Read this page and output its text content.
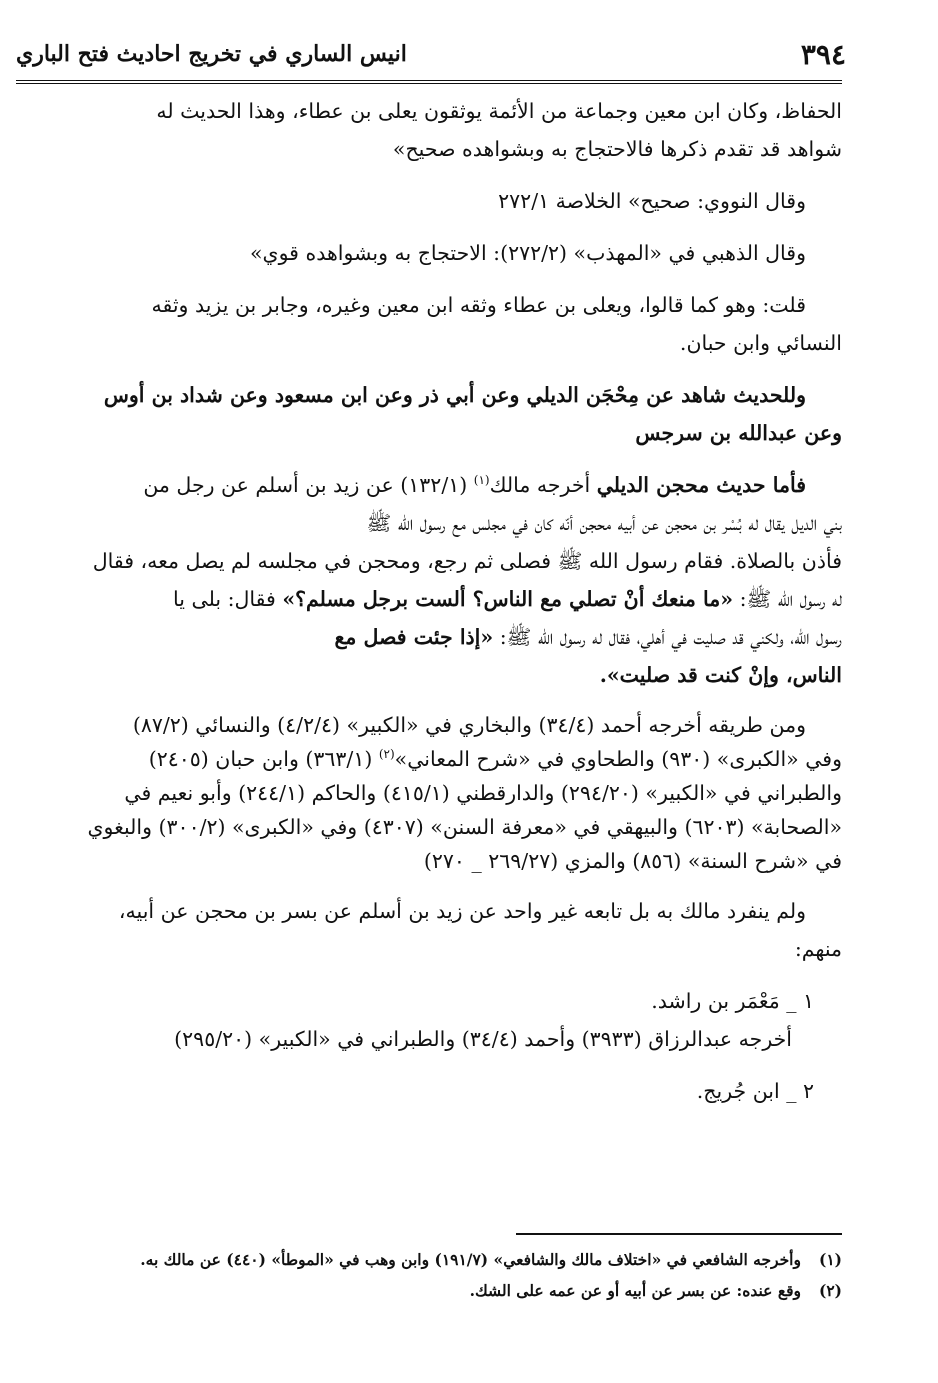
٣٩٤
انيس الساري في تخريج احاديث فتح الباري

الحفاظ، وكان ابن معين وجماعة من الأئمة يوثقون يعلى بن عطاء، وهذا الحديث له
شواهد قد تقدم ذكرها فالاحتجاج به وبشواهده صحيح»

وقال النووي: صحيح» الخلاصة ٢٧٢/١

وقال الذهبي في «المهذب» (٢٧٢/٢): الاحتجاج به وبشواهده قوي»

قلت: وهو كما قالوا، ويعلى بن عطاء وثقه ابن معين وغيره، وجابر بن يزيد وثقه
النسائي وابن حبان.

وللحديث شاهد عن مِحْجَن الديلي وعن أبي ذر وعن ابن مسعود وعن شداد بن أوس
وعن عبدالله بن سرجس

فأما حديث محجن الديلي أخرجه مالك$^{(١)}$ (١٣٢/١) عن زيد بن أسلم عن رجل من
بني الديل يقال له بُسْر بن محجن عن أبيه محجن أنّه كان في مجلس مع رسول الله ﷺ
فأذن بالصلاة. فقام رسول الله ﷺ فصلى ثم رجع، ومحجن في مجلسه لم يصل معه، فقال
له رسول الله ﷺ: «ما منعك أنْ تصلي مع الناس؟ ألست برجل مسلم؟» فقال: بلى يا
رسول الله، ولكني قد صليت في أهلي، فقال له رسول الله ﷺ: «إذا جئت فصل مع
الناس، وإنْ كنت قد صليت».

ومن طريقه أخرجه أحمد (٣٤/٤) والبخاري في «الكبير» (٤/٢/٤) والنسائي (٨٧/٢)
وفي «الكبرى» (٩٣٠) والطحاوي في «شرح المعاني»$^{(٢)}$ (٣٦٣/١) وابن حبان (٢٤٠٥)
والطبراني في «الكبير» (٢٩٤/٢٠) والدارقطني (٤١٥/١) والحاكم (٢٤٤/١) وأبو نعيم في
«الصحابة» (٦٢٠٣) والبيهقي في «معرفة السنن» (٤٣٠٧) وفي «الكبرى» (٣٠٠/٢) والبغوي
في «شرح السنة» (٨٥٦) والمزي (٢٦٩/٢٧ _ ٢٧٠)

ولم ينفرد مالك به بل تابعه غير واحد عن زيد بن أسلم عن بسر بن محجن عن أبيه،
منهم:

١ _ مَعْمَر بن راشد.

أخرجه عبدالرزاق (٣٩٣٣) وأحمد (٣٤/٤) والطبراني في «الكبير» (٢٩٥/٢٠)

٢ _ ابن جُريج.

(١)
وأخرجه الشافعي في «اختلاف مالك والشافعي» (١٩١/٧) وابن وهب في «الموطأ» (٤٤٠) عن مالك به.
(٢)
وقع عنده: عن بسر عن أبيه أو عن عمه على الشك.
